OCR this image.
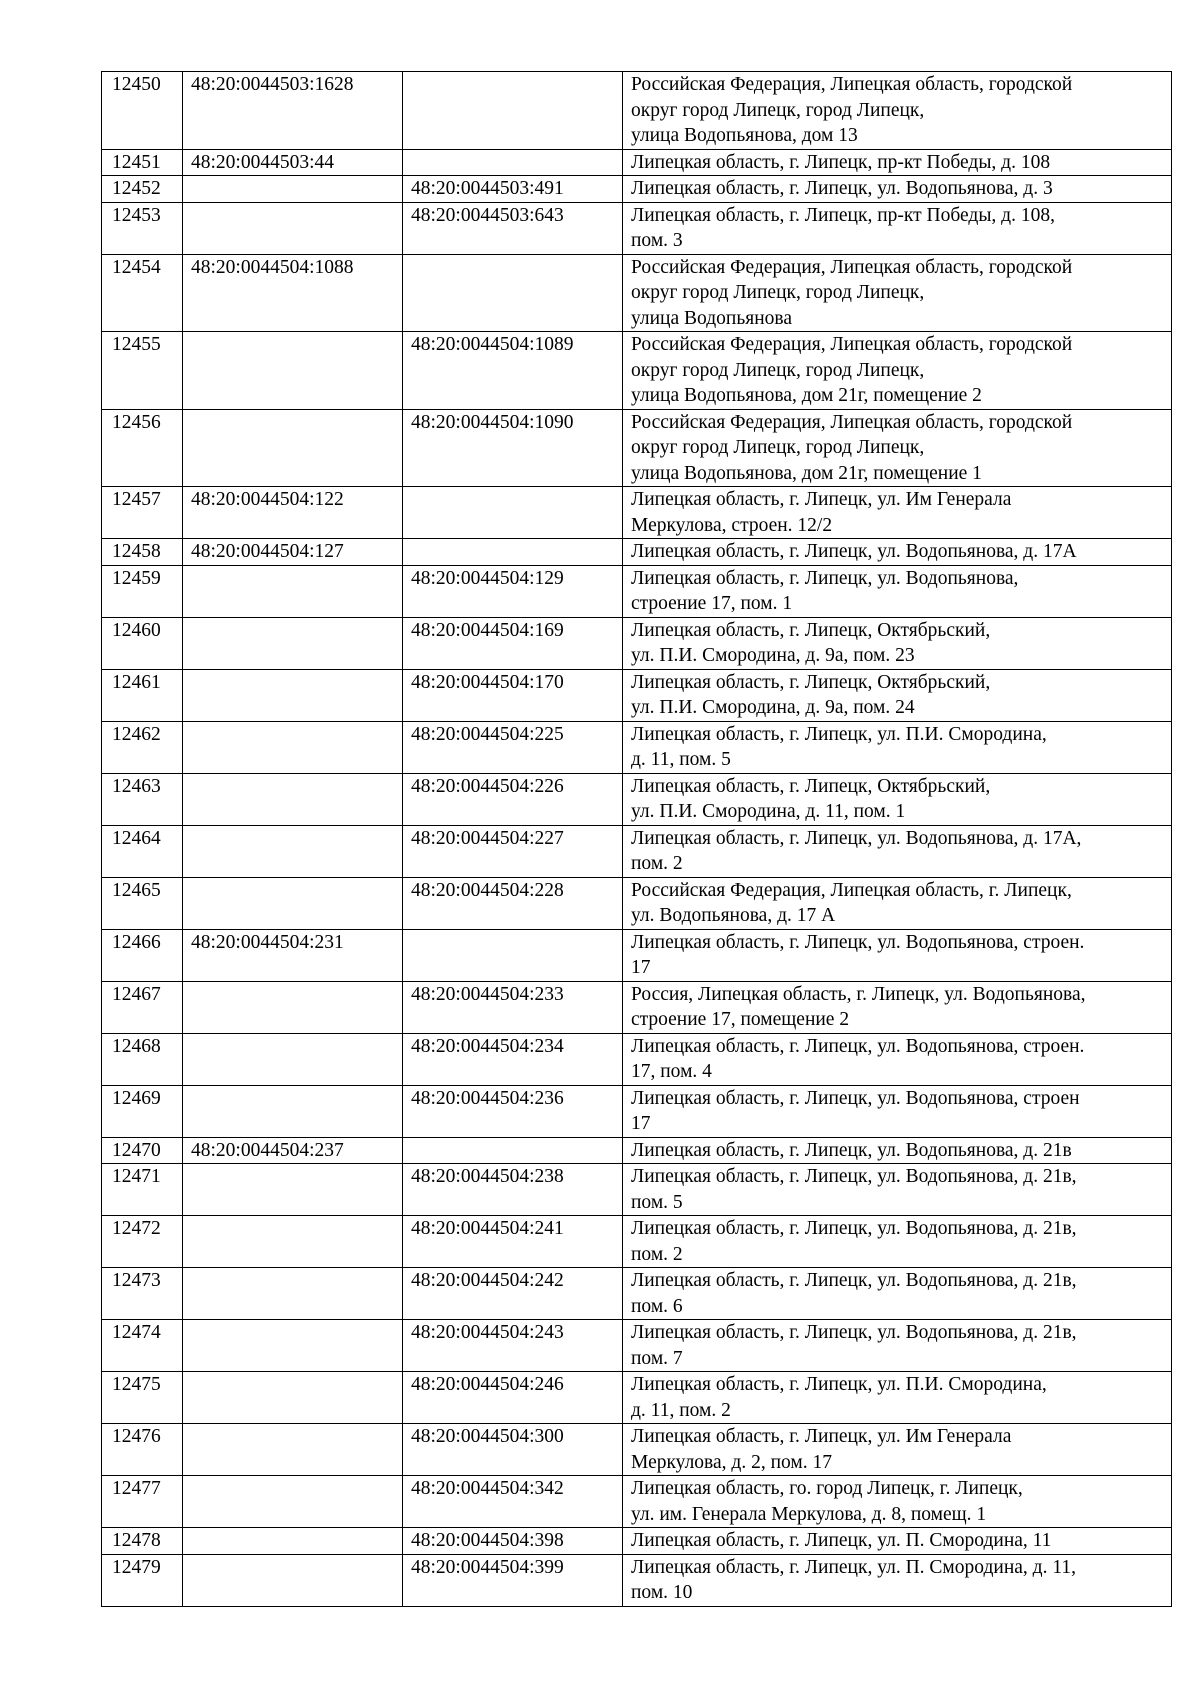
12450	48:20:0044503:1628		Российская Федерация, Липецкая область, городской
округ город Липецк, город Липецк,
улица Водопьянова, дом 13
12451	48:20:0044503:44		Липецкая область, г. Липецк, пр-кт Победы, д. 108
12452		48:20:0044503:491	Липецкая область, г. Липецк, ул. Водопьянова, д. 3
12453		48:20:0044503:643	Липецкая область, г. Липецк, пр-кт Победы, д. 108,
пом. 3
12454	48:20:0044504:1088		Российская Федерация, Липецкая область, городской
округ город Липецк, город Липецк,
улица Водопьянова
12455		48:20:0044504:1089	Российская Федерация, Липецкая область, городской
округ город Липецк, город Липецк,
улица Водопьянова, дом 21г, помещение 2
12456		48:20:0044504:1090	Российская Федерация, Липецкая область, городской
округ город Липецк, город Липецк,
улица Водопьянова, дом 21г, помещение 1
12457	48:20:0044504:122		Липецкая область, г. Липецк, ул. Им Генерала
Меркулова, строен. 12/2
12458	48:20:0044504:127		Липецкая область, г. Липецк, ул. Водопьянова, д. 17А
12459		48:20:0044504:129	Липецкая область, г. Липецк, ул. Водопьянова,
строение 17, пом. 1
12460		48:20:0044504:169	Липецкая область, г. Липецк, Октябрьский,
ул. П.И. Смородина, д. 9а, пом. 23
12461		48:20:0044504:170	Липецкая область, г. Липецк, Октябрьский,
ул. П.И. Смородина, д. 9а, пом. 24
12462		48:20:0044504:225	Липецкая область, г. Липецк, ул. П.И. Смородина,
д. 11, пом. 5
12463		48:20:0044504:226	Липецкая область, г. Липецк, Октябрьский,
ул. П.И. Смородина, д. 11, пом. 1
12464		48:20:0044504:227	Липецкая область, г. Липецк, ул. Водопьянова, д. 17А,
пом. 2
12465		48:20:0044504:228	Российская Федерация, Липецкая область, г. Липецк,
ул. Водопьянова, д. 17 А
12466	48:20:0044504:231		Липецкая область, г. Липецк, ул. Водопьянова, строен.
17
12467		48:20:0044504:233	Россия, Липецкая область, г. Липецк, ул. Водопьянова,
строение 17, помещение 2
12468		48:20:0044504:234	Липецкая область, г. Липецк, ул. Водопьянова, строен.
17, пом. 4
12469		48:20:0044504:236	Липецкая область, г. Липецк, ул. Водопьянова, строен
17
12470	48:20:0044504:237		Липецкая область, г. Липецк, ул. Водопьянова, д. 21в
12471		48:20:0044504:238	Липецкая область, г. Липецк, ул. Водопьянова, д. 21в,
пом. 5
12472		48:20:0044504:241	Липецкая область, г. Липецк, ул. Водопьянова, д. 21в,
пом. 2
12473		48:20:0044504:242	Липецкая область, г. Липецк, ул. Водопьянова, д. 21в,
пом. 6
12474		48:20:0044504:243	Липецкая область, г. Липецк, ул. Водопьянова, д. 21в,
пом. 7
12475		48:20:0044504:246	Липецкая область, г. Липецк, ул. П.И. Смородина,
д. 11, пом. 2
12476		48:20:0044504:300	Липецкая область, г. Липецк, ул. Им Генерала
Меркулова, д. 2, пом. 17
12477		48:20:0044504:342	Липецкая область, го. город Липецк, г. Липецк,
ул. им. Генерала Меркулова, д. 8, помещ. 1
12478		48:20:0044504:398	Липецкая область, г. Липецк, ул. П. Смородина, 11
12479		48:20:0044504:399	Липецкая область, г. Липецк, ул. П. Смородина, д. 11,
пом. 10
